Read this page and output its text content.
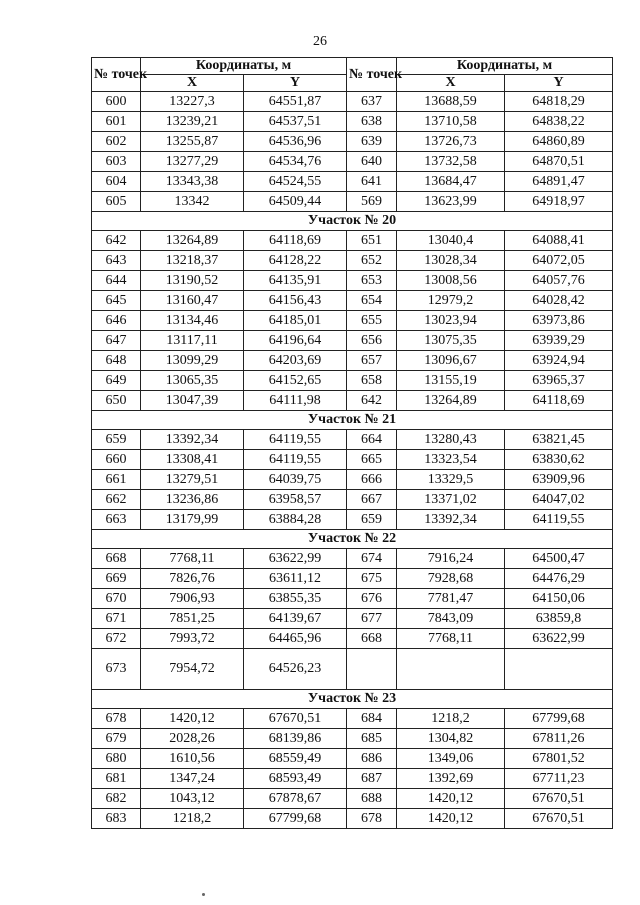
26
№ точек	Координаты, м		№ точек	Координаты, м	
	X	Y		X	Y
600	13227,3	64551,87	637	13688,59	64818,29
601	13239,21	64537,51	638	13710,58	64838,22
602	13255,87	64536,96	639	13726,73	64860,89
603	13277,29	64534,76	640	13732,58	64870,51
604	13343,38	64524,55	641	13684,47	64891,47
605	13342	64509,44	569	13623,99	64918,97
Участок № 20					
642	13264,89	64118,69	651	13040,4	64088,41
643	13218,37	64128,22	652	13028,34	64072,05
644	13190,52	64135,91	653	13008,56	64057,76
645	13160,47	64156,43	654	12979,2	64028,42
646	13134,46	64185,01	655	13023,94	63973,86
647	13117,11	64196,64	656	13075,35	63939,29
648	13099,29	64203,69	657	13096,67	63924,94
649	13065,35	64152,65	658	13155,19	63965,37
650	13047,39	64111,98	642	13264,89	64118,69
Участок № 21					
659	13392,34	64119,55	664	13280,43	63821,45
660	13308,41	64119,55	665	13323,54	63830,62
661	13279,51	64039,75	666	13329,5	63909,96
662	13236,86	63958,57	667	13371,02	64047,02
663	13179,99	63884,28	659	13392,34	64119,55
Участок № 22					
668	7768,11	63622,99	674	7916,24	64500,47
669	7826,76	63611,12	675	7928,68	64476,29
670	7906,93	63855,35	676	7781,47	64150,06
671	7851,25	64139,67	677	7843,09	63859,8
672	7993,72	64465,96	668	7768,11	63622,99
673	7954,72	64526,23			
Участок № 23					
678	1420,12	67670,51	684	1218,2	67799,68
679	2028,26	68139,86	685	1304,82	67811,26
680	1610,56	68559,49	686	1349,06	67801,52
681	1347,24	68593,49	687	1392,69	67711,23
682	1043,12	67878,67	688	1420,12	67670,51
683	1218,2	67799,68	678	1420,12	67670,51
